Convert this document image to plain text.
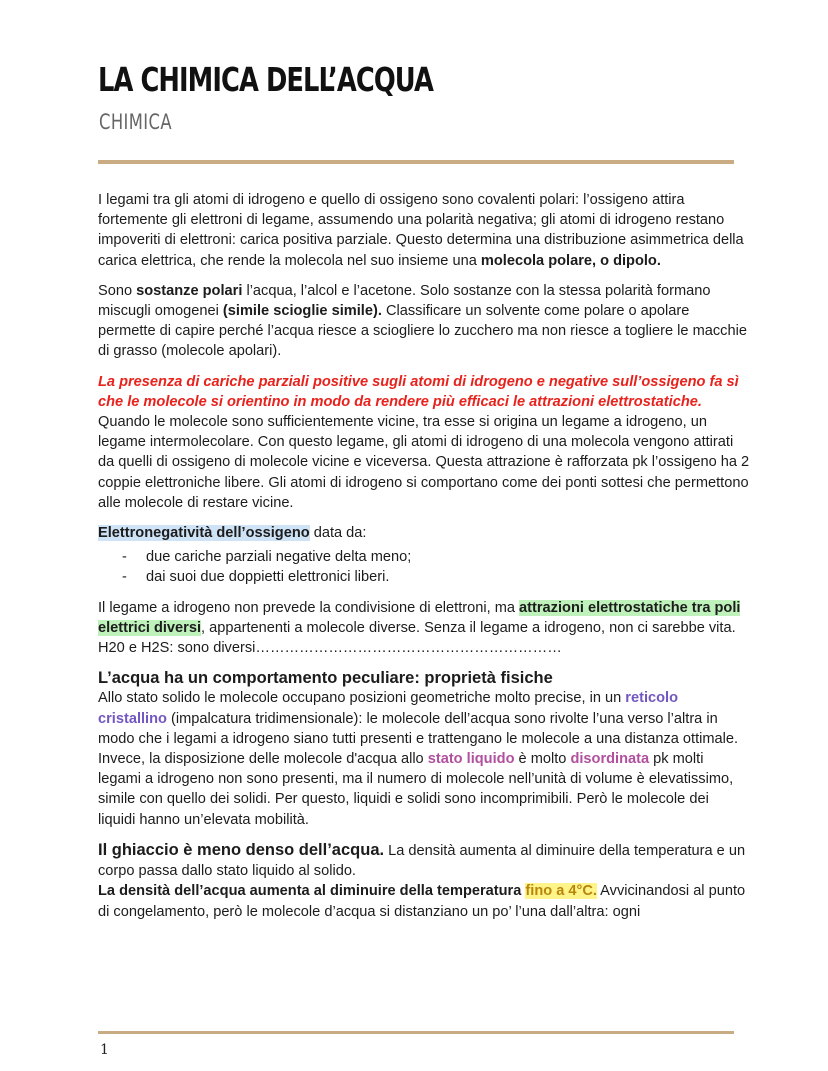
LA CHIMICA DELL’ACQUA
CHIMICA

I legami tra gli atomi di idrogeno e quello di ossigeno sono covalenti polari: l’ossigeno attira fortemente gli elettroni di legame, assumendo una polarità negativa; gli atomi di idrogeno restano impoveriti di elettroni: carica positiva parziale. Questo determina una distribuzione asimmetrica della carica elettrica, che rende la molecola nel suo insieme una molecola polare, o dipolo.

Sono sostanze polari l’acqua, l’alcol e l’acetone. Solo sostanze con la stessa polarità formano miscugli omogenei (simile scioglie simile). Classificare un solvente come polare o apolare permette di capire perché l’acqua riesce a sciogliere lo zucchero ma non riesce a togliere le macchie di grasso (molecole apolari).

La presenza di cariche parziali positive sugli atomi di idrogeno e negative sull’ossigeno fa sì che le molecole si orientino in modo da rendere più efficaci le attrazioni elettrostatiche.
Quando le molecole sono sufficientemente vicine, tra esse si origina un legame a idrogeno, un legame intermolecolare. Con questo legame, gli atomi di idrogeno di una molecola vengono attirati da quelli di ossigeno di molecole vicine e viceversa. Questa attrazione è rafforzata pk l’ossigeno ha 2 coppie elettroniche libere. Gli atomi di idrogeno si comportano come dei ponti sottesi che permettono alle molecole di restare vicine.

Elettronegatività dell’ossigeno data da:

- due cariche parziali negative delta meno;
- dai suoi due doppietti elettronici liberi.

Il legame a idrogeno non prevede la condivisione di elettroni, ma attrazioni elettrostatiche tra poli elettrici diversi, appartenenti a molecole diverse. Senza il legame a idrogeno, non ci sarebbe vita. H20 e H2S: sono diversi………………………………………………………

L’acqua ha un comportamento peculiare: proprietà fisiche

Allo stato solido le molecole occupano posizioni geometriche molto precise, in un reticolo cristallino (impalcatura tridimensionale): le molecole dell’acqua sono rivolte l’una verso l’altra in modo che i legami a idrogeno siano tutti presenti e trattengano le molecole a una distanza ottimale.
Invece, la disposizione delle molecole d'acqua allo stato liquido è molto disordinata pk molti legami a idrogeno non sono presenti, ma il numero di molecole nell’unità di volume è elevatissimo, simile con quello dei solidi. Per questo, liquidi e solidi sono incomprimibili. Però le molecole dei liquidi hanno un’elevata mobilità.

Il ghiaccio è meno denso dell’acqua. La densità aumenta al diminuire della temperatura e un corpo passa dallo stato liquido al solido.
La densità dell’acqua aumenta al diminuire della temperatura fino a 4°C. Avvicinandosi al punto di congelamento, però le molecole d’acqua si distanziano un po’ l’una dall’altra: ogni

1
